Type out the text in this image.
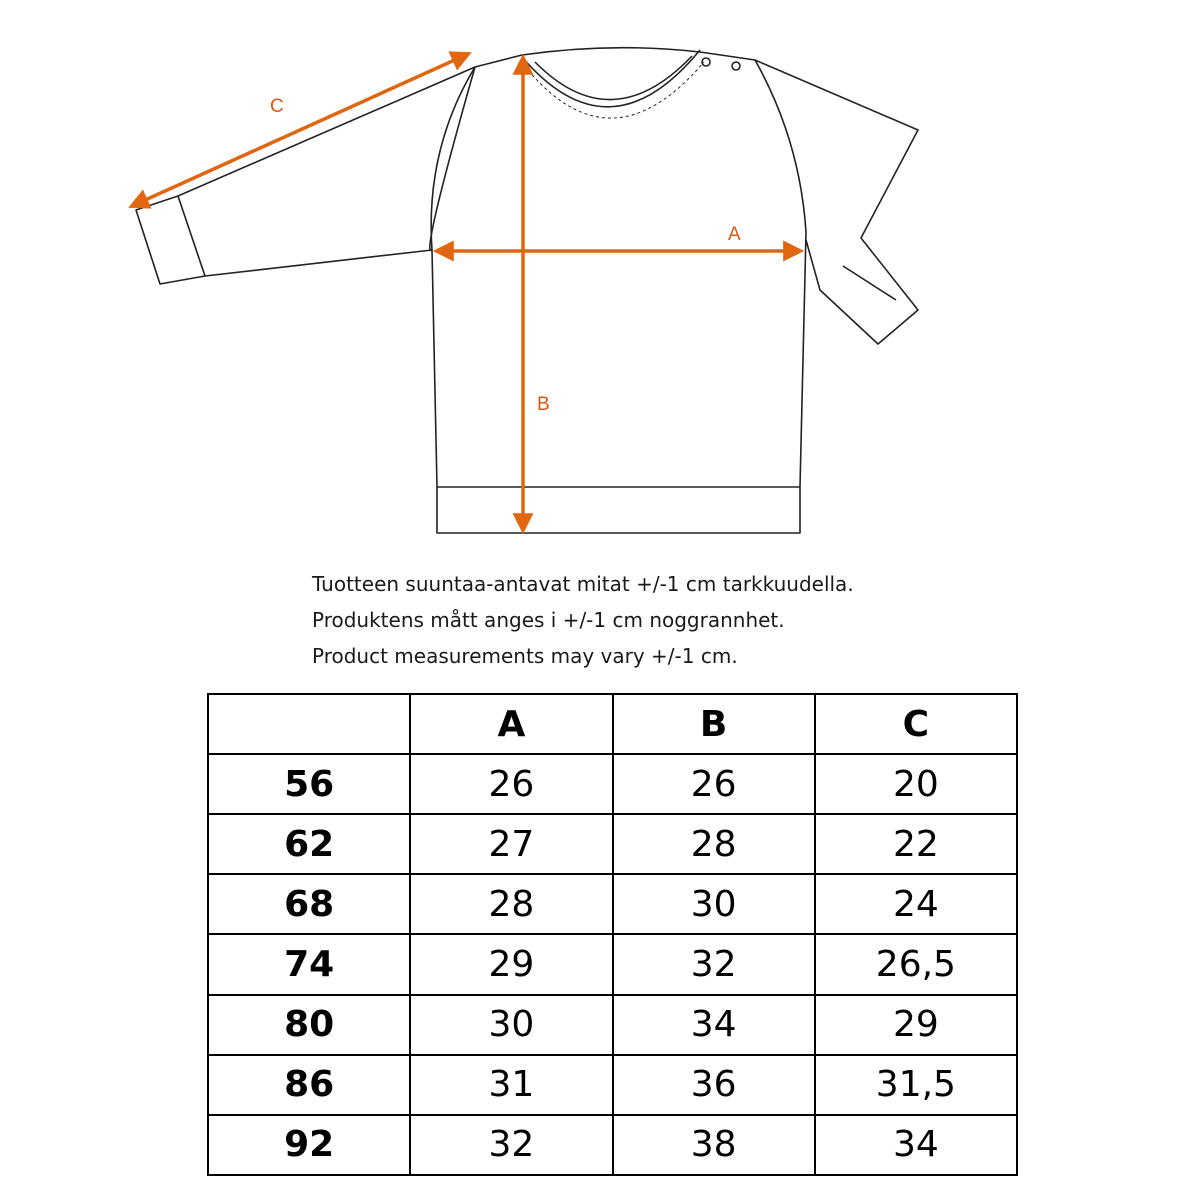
C
A
B
Tuotteen suuntaa-antavat mitat +/-1 cm tarkkuudella.
Produktens mått anges i +/-1 cm noggrannhet.
Product measurements may vary +/-1 cm.
	A	B	C
56	26	26	20
62	27	28	22
68	28	30	24
74	29	32	26,5
80	30	34	29
86	31	36	31,5
92	32	38	34
